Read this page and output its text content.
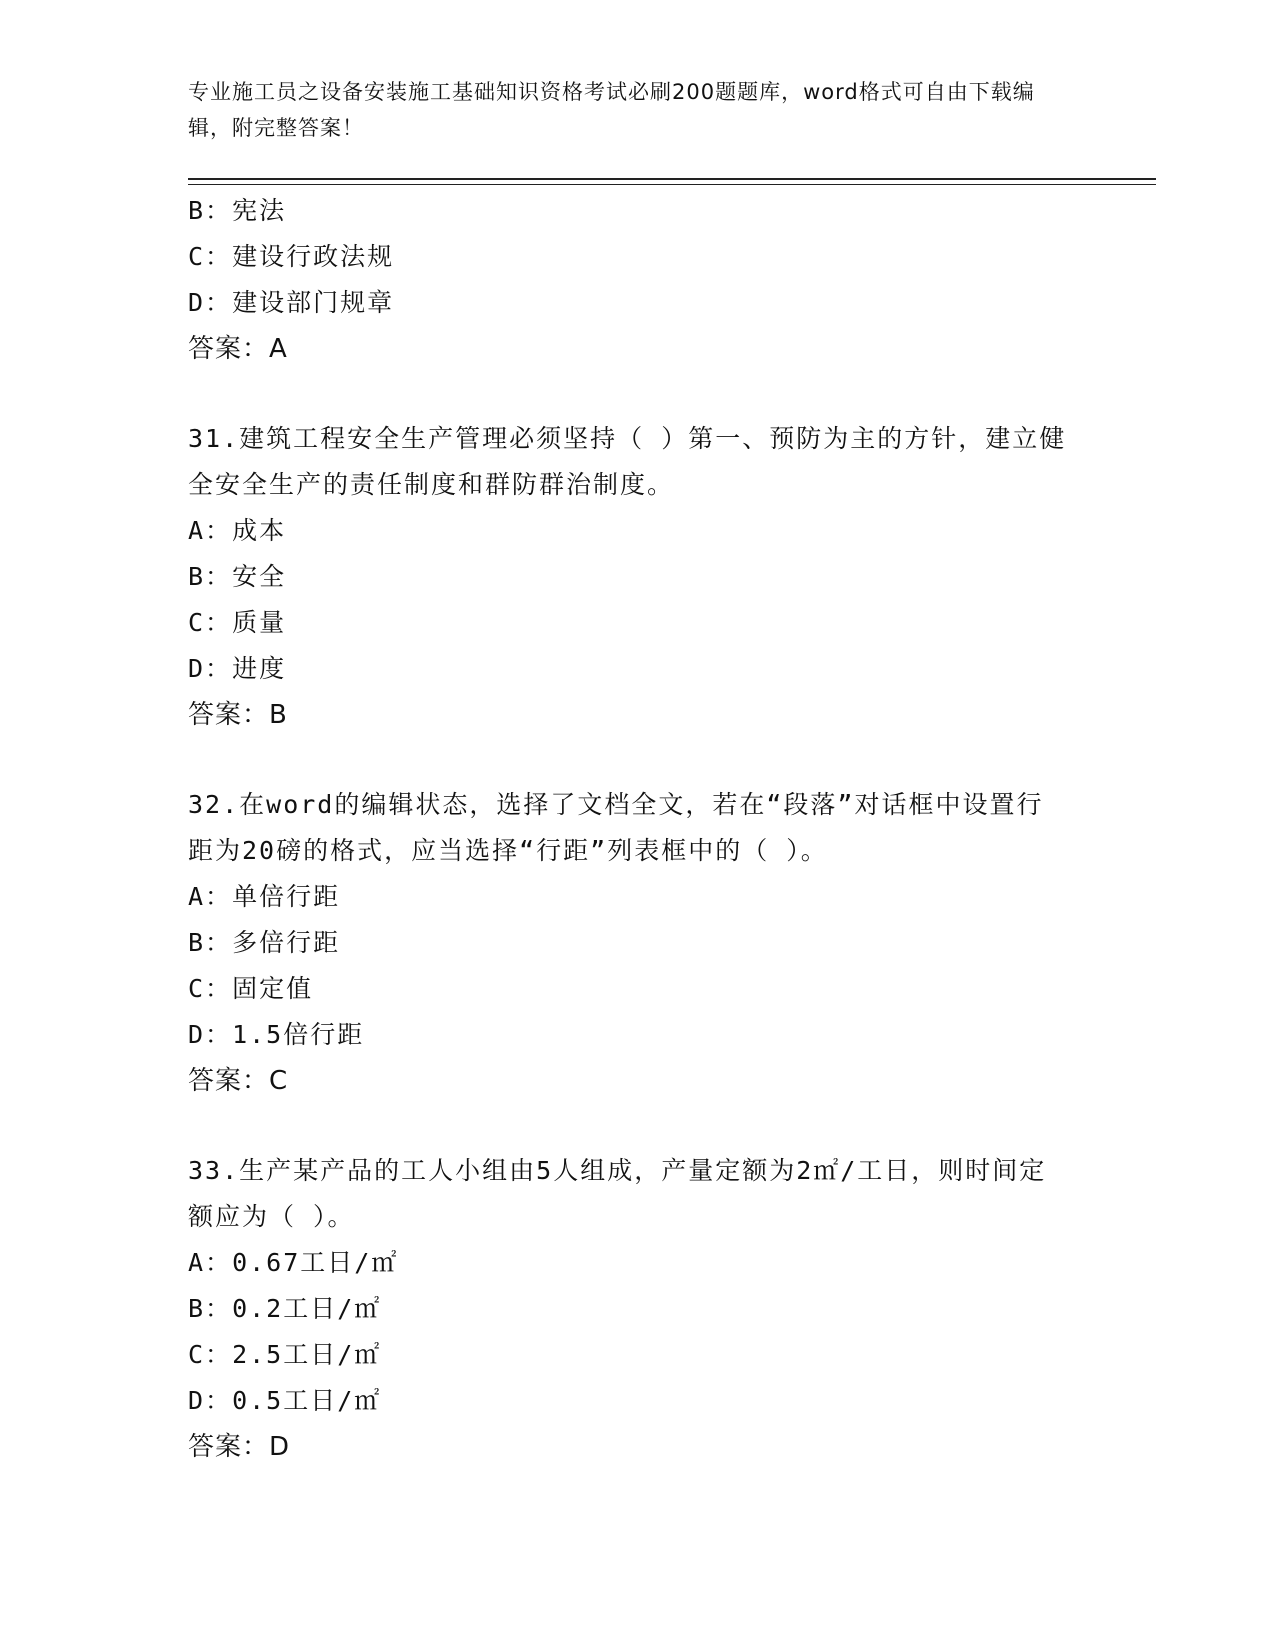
专业施工员之设备安装施工基础知识资格考试必刷200题题库，word格式可自由下载编辑，附完整答案！
B：宪法
C：建设行政法规
D：建设部门规章
答案：A
31.建筑工程安全生产管理必须坚持（ ）第一、预防为主的方针，建立健全安全生产的责任制度和群防群治制度。
A：成本
B：安全
C：质量
D：进度
答案：B
32.在word的编辑状态，选择了文档全文，若在“段落”对话框中设置行距为20磅的格式，应当选择“行距”列表框中的（ ）。
A：单倍行距
B：多倍行距
C：固定值
D：1.5倍行距
答案：C
33.生产某产品的工人小组由5人组成，产量定额为2㎡/工日，则时间定额应为（ ）。
A：0.67工日/㎡
B：0.2工日/㎡
C：2.5工日/㎡
D：0.5工日/㎡
答案：D
